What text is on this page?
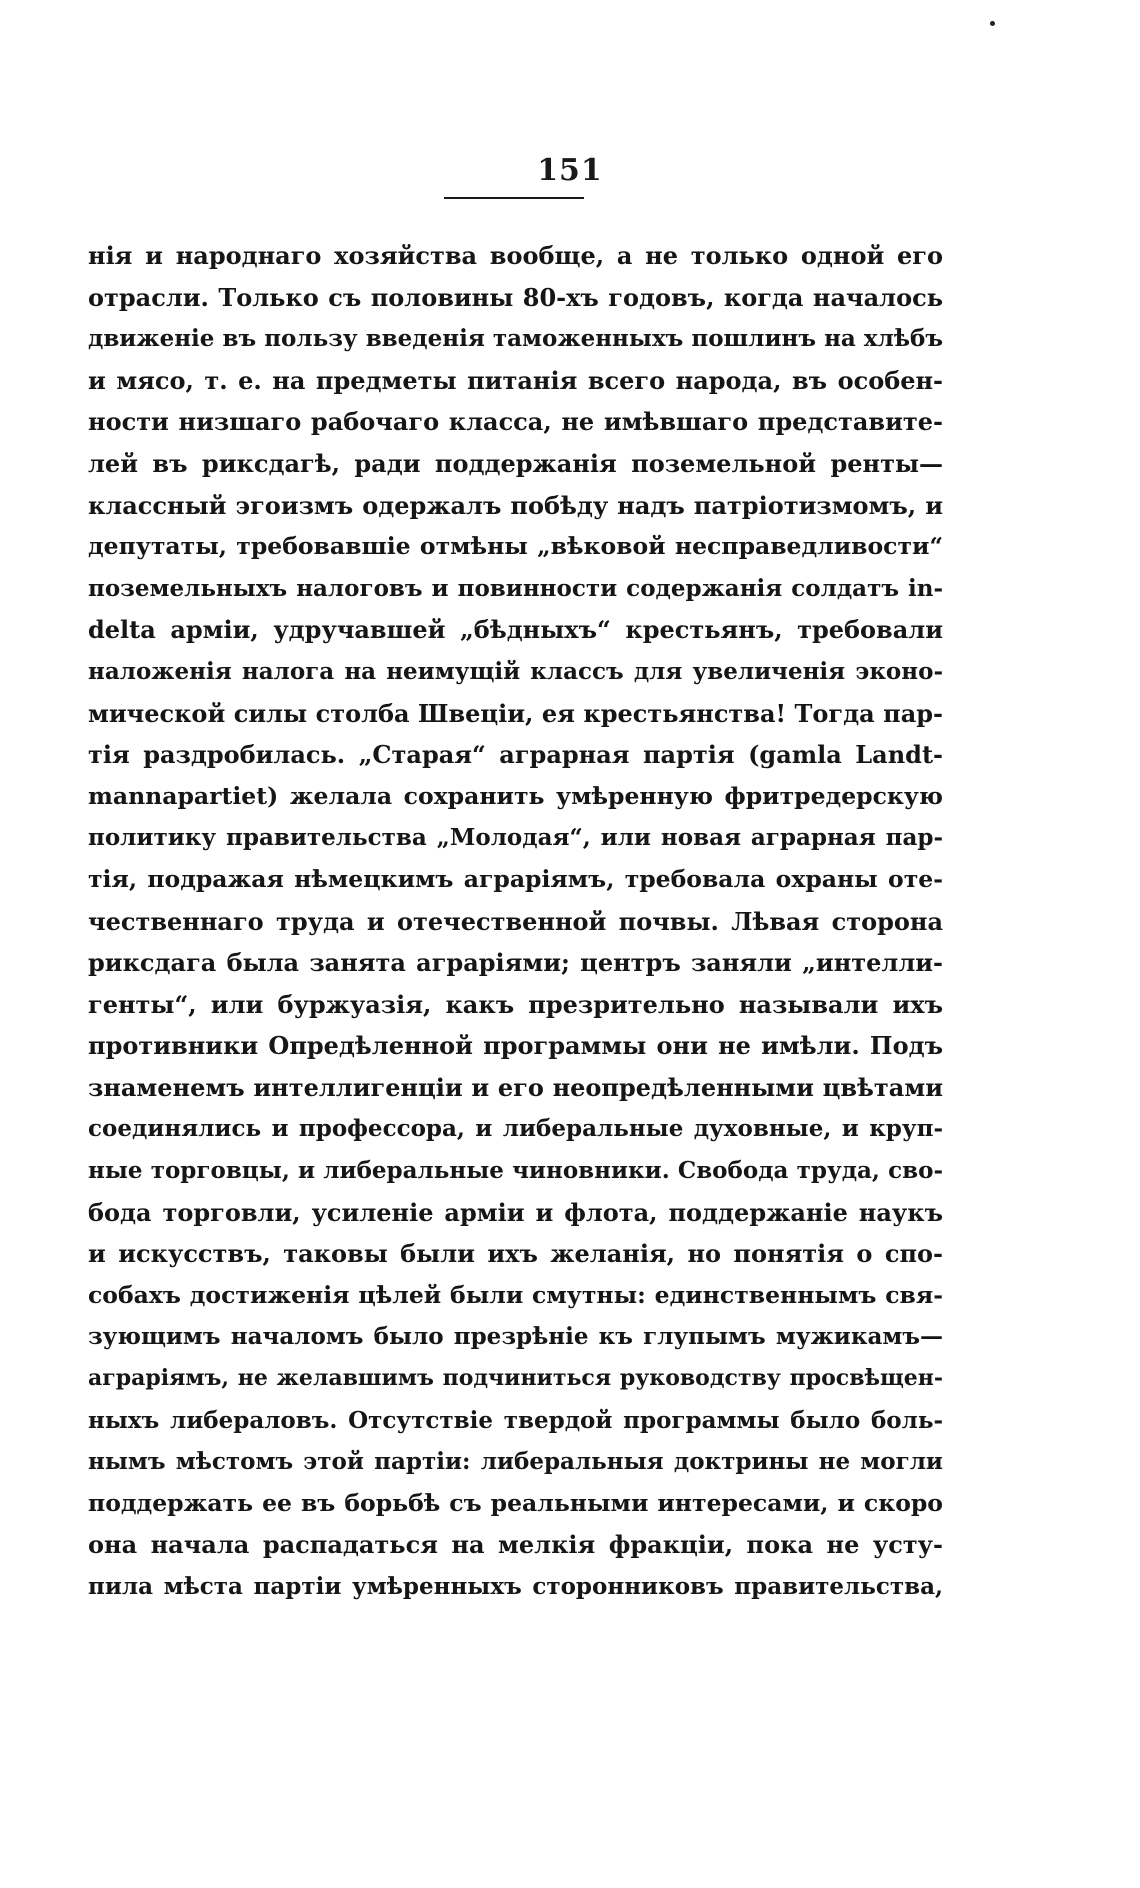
151
нія и народнаго хозяйства вообще, а не только одной его
отрасли. Только съ половины 80-хъ годовъ, когда началось
движеніе въ пользу введенія таможенныхъ пошлинъ на хлѣбъ
и мясо, т. е. на предметы питанія всего народа, въ особен-
ности низшаго рабочаго класса, не имѣвшаго представите-
лей въ риксдагѣ, ради поддержанія поземельной ренты—
классный эгоизмъ одержалъ побѣду надъ патріотизмомъ, и
депутаты, требовавшіе отмѣны „вѣковой несправедливости“
поземельныхъ налоговъ и повинности содержанія солдатъ in-
delta арміи, удручавшей „бѣдныхъ“ крестьянъ, требовали
наложенія налога на неимущій классъ для увеличенія эконо-
мической силы столба Швеціи, ея крестьянства! Тогда пар-
тія раздробилась. „Старая“ аграрная партія (gamla Landt-
mannapartiet) желала сохранить умѣренную фритредерскую
политику правительства „Молодая“, или новая аграрная пар-
тія, подражая нѣмецкимъ аграріямъ, требовала охраны оте-
чественнаго труда и отечественной почвы. Лѣвая сторона
риксдага была занята аграріями; центръ заняли „интелли-
генты“, или буржуазія, какъ презрительно называли ихъ
противники Опредѣленной программы они не имѣли. Подъ
знаменемъ интеллигенціи и его неопредѣленными цвѣтами
соединялись и профессора, и либеральные духовные, и круп-
ные торговцы, и либеральные чиновники. Свобода труда, сво-
бода торговли, усиленіе арміи и флота, поддержаніе наукъ
и искусствъ, таковы были ихъ желанія, но понятія о спо-
собахъ достиженія цѣлей были смутны: единственнымъ свя-
зующимъ началомъ было презрѣніе къ глупымъ мужикамъ—
аграріямъ, не желавшимъ подчиниться руководству просвѣщен-
ныхъ либераловъ. Отсутствіе твердой программы было боль-
нымъ мѣстомъ этой партіи: либеральныя доктрины не могли
поддержать ее въ борьбѣ съ реальными интересами, и скоро
она начала распадаться на мелкія фракціи, пока не усту-
пила мѣста партіи умѣренныхъ сторонниковъ правительства,
